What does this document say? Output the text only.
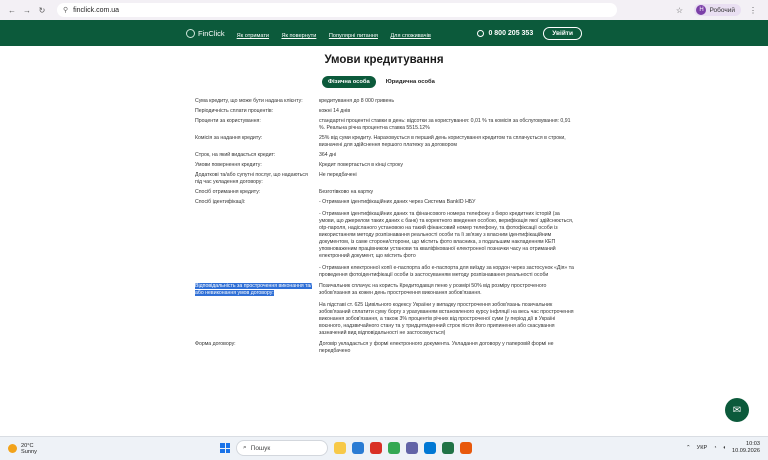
← → ↻	⚲ finclick.com.ua	☆	Н Робочий ⋮
FinClick Як отримати Як повернути Популярні питання Для споживачів	0 800 205 353	Увійти
Умови кредитування
Фізична особа	Юридична особа
Сума кредиту, що може бути надана клієнту:	кредитування до 8 000 гривень
Періодичність сплати процентів:	кожні 14 днів
Проценти за користування:	стандартні процентні ставки в день: відсотки за користування: 0,01 % та комісія за обслуговування: 0,91 %. Реальна річна процентна ставка 5515.12%
Комісія за надання кредиту:	25% від суми кредиту. Нараховується в перший день користування кредитом та сплачується в строки, визначені для здійснення першого платежу за договором
Строк, на який видається кредит:	364 дні
Умови повернення кредиту:	Кредит повертається в кінці строку
Додаткові та/або супутні послуг, що надаються під час укладення договору:
Не передбачені
Спосіб отримання кредиту:	Безготівково на картку
Спосіб ідентифікації:	- Отримання ідентифікаційних даних через Система BankID НБУ
- Отримання ідентифікаційних даних та фінансового номера телефону з бюро кредитних історій (за умови, що джерелом таких даних є банк) та коректного введення особою, верифікація якої здійснюється, otp-пароля, надісланого установою на такий фінансовий номер телефону, та фотофіксації особи із використанням методу розпізнавання реальності особи та її зв'язку з власним ідентифікаційним документом, із саме сторони/сторони, що містить фото власника, з подальшим накладенням КЕП уповноваженим працівником установи та кваліфікованої електронної позначки часу на отриманий електронний документ, що містить фото
- Отримання електронної копії е-паспорта або е-паспорта для виїзду за кордон через застосунок «Дія» та проведення фотоідентифікації особи із застосуванням методу розпізнавання реальності особи
Відповідальність за прострочення виконання та/або невиконання умов договору:
Позичальник сплачує на користь Кредитодавця пеню у розмірі 50% від розміру простроченого зобов'язання за кожен день прострочення виконання зобов'язання.
На підставі ст. 625 Цивільного кодексу України у випадку прострочення зобов'язань позичальник зобов'язаний сплатити суму боргу з урахуванням встановленого курсу інфляції на весь час прострочення виконання зобов'язання, а також 3% процентів річних від простроченої суми (у період дії в Україні воєнного, надзвичайного стану та у тридцятиденний строк після його припинення або скасування зазначений вид відповідальності не застосовується)
Форма договору:	Договір укладається у формі електронного документа. Укладання договору у паперовій формі не передбачено
✉
20°C
Sunny
⌕ Пошук	⌃ УКР ◔ ◖
10:03
10.09.2026
